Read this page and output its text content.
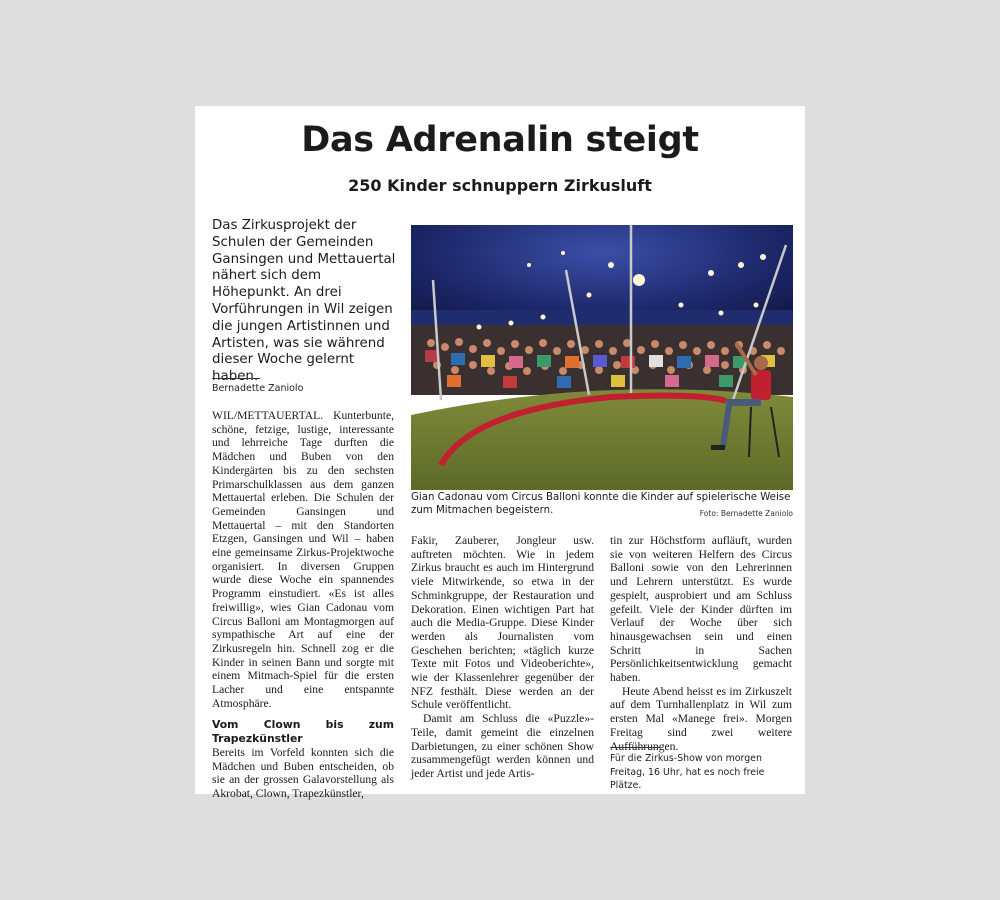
Das Adrenalin steigt
250 Kinder schnuppern Zirkusluft

Das Zirkusprojekt der Schulen der Gemeinden Gansingen und Mettauertal nähert sich dem Höhepunkt. An drei Vorführungen in Wil zeigen die jungen Artistinnen und Artisten, was sie während dieser Woche gelernt haben.

Bernadette Zaniolo

WIL/METTAUERTAL. Kunterbunte, schöne, fetzige, lustige, interessante und lehrreiche Tage durften die Mädchen und Buben von den Kindergärten bis zu den sechsten Primarschulklassen aus dem ganzen Mettauertal erleben. Die Schulen der Gemeinden Gansingen und Mettauertal – mit den Standorten Etzgen, Gansingen und Wil – haben eine gemeinsame Zirkus-Projektwoche organisiert. In diversen Gruppen wurde diese Woche ein spannendes Programm einstudiert. «Es ist alles freiwillig», wies Gian Cadonau vom Circus Balloni am Montagmorgen auf sympathische Art auf eine der Zirkusregeln hin. Schnell zog er die Kinder in seinen Bann und sorgte mit einem Mitmach-Spiel für die ersten Lacher und eine entspannte Atmosphäre.

Vom Clown bis zum Trapezkünstler

Bereits im Vorfeld konnten sich die Mädchen und Buben entscheiden, ob sie an der grossen Galavorstellung als Akrobat, Clown, Trapezkünstler,

Gian Cadonau vom Circus Balloni konnte die Kinder auf spielerische Weise zum Mitmachen begeistern.	Foto: Bernadette Zaniolo

Fakir, Zauberer, Jongleur usw. auftreten möchten. Wie in jedem Zirkus braucht es auch im Hintergrund viele Mitwirkende, so etwa in der Schminkgruppe, der Restauration und Dekoration. Einen wichtigen Part hat auch die Media-Gruppe. Diese Kinder werden als Journalisten vom Geschehen berichten; «täglich kurze Texte mit Fotos und Videoberichte», wie der Klassenlehrer gegenüber der NFZ festhält. Diese werden an der Schule veröffentlicht.

Damit am Schluss die «Puzzle»-Teile, damit gemeint die einzelnen Darbietungen, zu einer schönen Show zusammengefügt werden können und jeder Artist und jede Artis-

tin zur Höchstform aufläuft, wurden sie von weiteren Helfern des Circus Balloni sowie von den Lehrerinnen und Lehrern unterstützt. Es wurde gespielt, ausprobiert und am Schluss gefeilt. Viele der Kinder dürften im Verlauf der Woche über sich hinausgewachsen sein und einen Schritt in Sachen Persönlichkeitsentwicklung gemacht haben.

Heute Abend heisst es im Zirkuszelt auf dem Turnhallenplatz in Wil zum ersten Mal «Manege frei». Morgen Freitag sind zwei weitere Aufführungen.

Für die Zirkus-Show von morgen Freitag, 16 Uhr, hat es noch freie Plätze.
